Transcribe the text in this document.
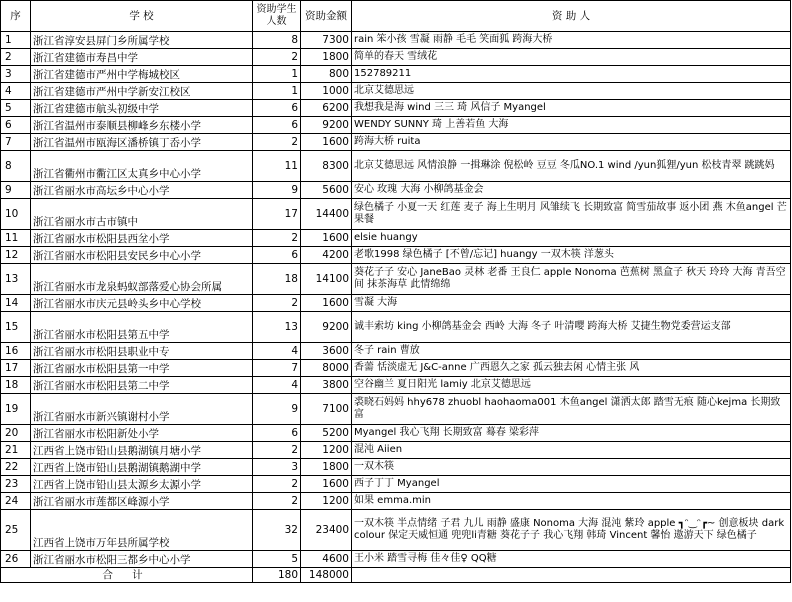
序	学 校	资助学生人数	资助金额	资 助 人
1	浙江省淳安县屏门乡所属学校	8	7300	rain 笨小孩 雪凝 雨静 毛毛 笑面狐 跨海大桥
2	浙江省建德市寿昌中学	2	1800	简单的春天 雪绒花
3	浙江省建德市严州中学梅城校区	1	800	152789211
4	浙江省建德市严州中学新安江校区	1	1000	北京艾德思远
5	浙江省建德市航头初级中学	6	6200	我想我是海 wind 三三 琦 风信子 Myangel
6	浙江省温州市泰顺县柳峰乡东楼小学	6	9200	WENDY SUNNY 琦 上善若鱼 大海
7	浙江省温州市瓯海区潘桥镇丁岙小学	2	1600	跨海大桥 ruita
8	浙江省衢州市衢江区太真乡中心小学	11	8300	北京艾德思远 风情浪静 一揖琳涂 倪松岭 豆豆 冬瓜NO.1 wind /yun狐狸/yun 松枝青翠 跳跳妈
9	浙江省丽水市高坛乡中心小学	9	5600	安心 玫瑰 大海 小柳鸽基金会
10	浙江省丽水市古市镇中	17	14400	绿色橘子 小夏一天 红莲 麦子 海上生明月 风雏续飞 长期致富 简雪茄故事 返小团 燕 木鱼angel 芒果餐
11	浙江省丽水市松阳县西坌小学	2	1600	elsie huangy
12	浙江省丽水市松阳县安民乡中心小学	6	4200	老歌1998 绿色橘子 [不曾/忘记] huangy 一双木筷 洋葱头
13	浙江省丽水市龙泉蚂蚁部落爱心协会所属	18	14100	葵花子子 安心 JaneBao 灵林 老番 王良仁 apple Nonoma 芭蕉树 黑盒子 秋天 玲玲 大海 青吾空间 抹茶海草 此情绵绵
14	浙江省丽水市庆元县岭头乡中心学校	2	1600	雪凝 大海
15	浙江省丽水市松阳县第五中学	13	9200	诚丰索坊 king 小柳鸽基金会 西岭 大海 冬子 叶清嘤 跨海大桥 艾捷生物党委营运支部
16	浙江省丽水市松阳县职业中专	4	3600	冬子 rain 曹放
17	浙江省丽水市松阳县第一中学	7	8000	香薷 恬淡虚无 J&C-anne 广西恩久之家 孤云独去闲 心情主张 风
18	浙江省丽水市松阳县第二中学	4	3800	空谷幽兰 夏日阳光 lamiy 北京艾德思远
19	浙江省丽水市新兴镇谢村小学	9	7100	裘晓石妈妈 hhy678 zhuobl haohaoma001 木鱼angel 潇洒太郎 踏雪无痕 随心kejma 长期致富
20	浙江省丽水市松阳新处小学	6	5200	Myangel 我心飞翔 长期致富 蓦春 梁彩萍
21	江西省上饶市铅山县鹅湖镇月塘小学	2	1200	混沌 Aiien
22	江西省上饶市铅山县鹅湖镇鹅湖中学	3	1800	一双木筷
23	江西省上饶市铅山县太源乡太源小学	2	1600	西子丁丁 Myangel
24	浙江省丽水市莲都区峰源小学	2	1200	如果 emma.min
25	江西省上饶市万年县所属学校	32	23400	一双木筷 半点情绪 子君 九儿 雨静 盛康 Nonoma 大海 混沌 紫玲 apple ┓ᵔ‿ᵔ┏~ 创意板块 darkcolour 保定天威恒通 兜兜li青糖 葵花子子 我心飞翔 韩琦 Vincent 馨怡 遨游天下 绿色橘子
26	浙江省丽水市松阳三都乡中心小学	5	4600	王小米 踏雪寻梅 佳々佳♀ QQ糖
合 计		180	148000	
